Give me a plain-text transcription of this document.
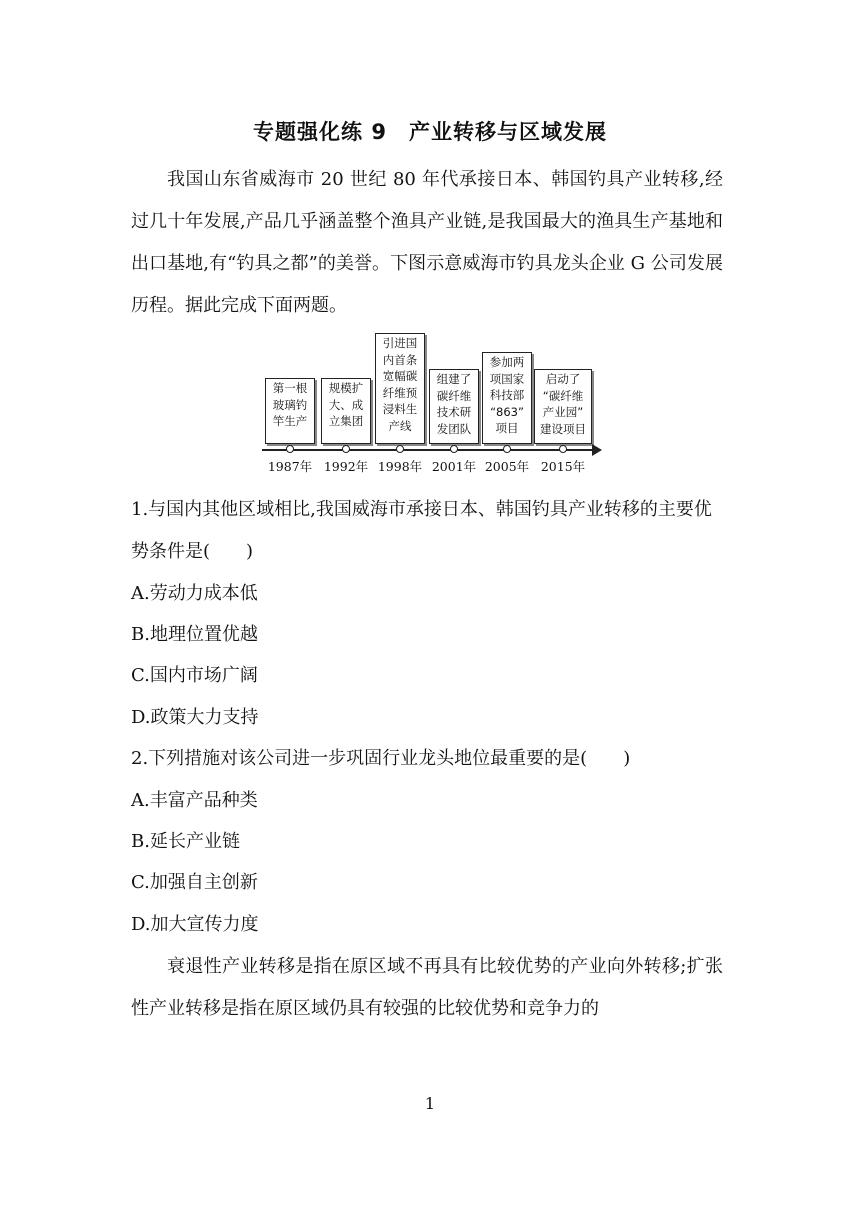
专题强化练 9　产业转移与区域发展
我国山东省威海市 20 世纪 80 年代承接日本、韩国钓具产业转移,经过几十年发展,产品几乎涵盖整个渔具产业链,是我国最大的渔具生产基地和出口基地,有“钓具之都”的美誉。下图示意威海市钓具龙头企业 G 公司发展历程。据此完成下面两题。
第一根
玻璃钓
竿生产
规模扩
大、成
立集团
引进国
内首条
宽幅碳
纤维预
浸料生
产线
组建了
碳纤维
技术研
发团队
参加两
项国家
科技部
“863”
项目
启动了
“碳纤维
产业园”
建设项目
1987年 1992年 1998年 2001年 2005年 2015年
1.与国内其他区域相比,我国威海市承接日本、韩国钓具产业转移的主要优势条件是(　　)
A.劳动力成本低
B.地理位置优越
C.国内市场广阔
D.政策大力支持
2.下列措施对该公司进一步巩固行业龙头地位最重要的是(　　)
A.丰富产品种类
B.延长产业链
C.加强自主创新
D.加大宣传力度
衰退性产业转移是指在原区域不再具有比较优势的产业向外转移;扩张性产业转移是指在原区域仍具有较强的比较优势和竞争力的
1
